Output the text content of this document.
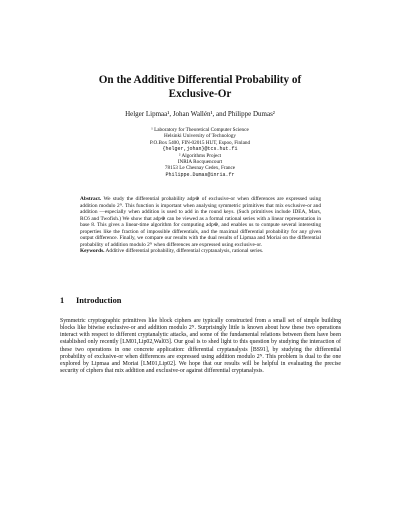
On the Additive Differential Probability of
Exclusive-Or
Helger Lipmaa¹, Johan Wallén¹, and Philippe Dumas²
¹ Laboratory for Theoretical Computer Science
Helsinki University of Technology
P.O.Box 5400, FIN-02015 HUT, Espoo, Finland
{helger,johan}@tcs.hut.fi
² Algorithms Project
INRIA Rocquencourt
78153 Le Chesnay Cedex, France
Philippe.Dumas@inria.fr
Abstract. We study the differential probability adp⊕ of exclusive-or when differences are expressed using addition modulo 2ᴺ. This function is important when analysing symmetric primitives that mix exclusive-or and addition —especially when addition is used to add in the round keys. (Such primitives include IDEA, Mars, RC6 and Twofish.) We show that adp⊕ can be viewed as a formal rational series with a linear representation in base 8. This gives a linear-time algorithm for computing adp⊕, and enables us to compute several interesting properties like the fraction of impossible differentials, and the maximal differential probability for any given output difference. Finally, we compare our results with the dual results of Lipmaa and Moriai on the differential probability of addition modulo 2ᴺ when differences are expressed using exclusive-or.
Keywords. Additive differential probability, differential cryptanalysis, rational series.
1 Introduction

Symmetric cryptographic primitives like block ciphers are typically constructed from a small set of simple building blocks like bitwise exclusive-or and addition modulo 2ᴺ. Surprisingly little is known about how these two operations interact with respect to different cryptanalytic attacks, and some of the fundamental relations between them have been established only recently [LM01,Lip02,Wal03]. Our goal is to shed light to this question by studying the interaction of these two operations in one concrete application: differential cryptanalysis [BS91], by studying the differential probability of exclusive-or when differences are expressed using addition modulo 2ᴺ. This problem is dual to the one explored by Lipmaa and Moriai [LM01,Lip02]. We hope that our results will be helpful in evaluating the precise security of ciphers that mix addition and exclusive-or against differential cryptanalysis.
